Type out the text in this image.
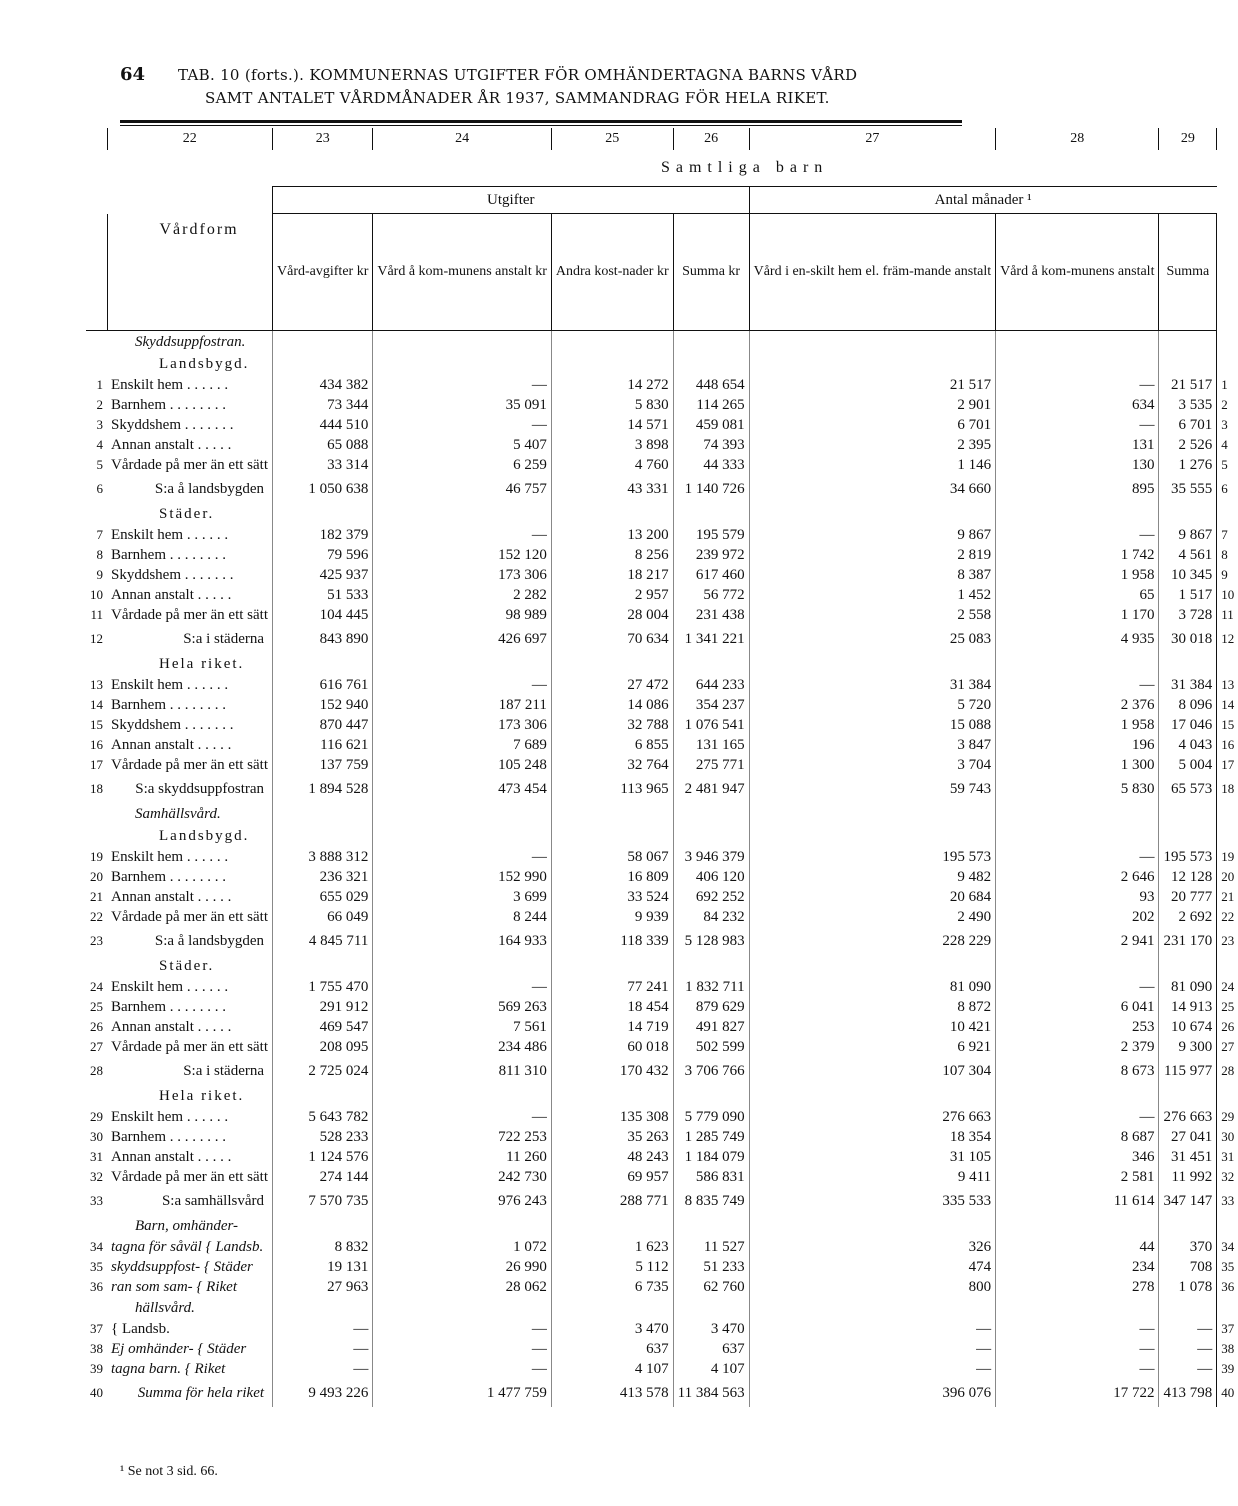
64 TAB. 10 (forts.). KOMMUNERNAS UTGIFTER FÖR OMHÄNDERTAGNA BARNS VÅRD
SAMT ANTALET VÅRDMÅNADER ÅR 1937, SAMMANDRAG FÖR HELA RIKET.
	22	23	24	25	26	27	28	29	
		Samtliga barn							
		Utgifter				Antal månader ¹			
	Vårdform	Vård-avgifter kr	Vård å kom-munens anstalt kr	Andra kost-nader kr	Summa kr	Vård i en-skilt hem el. främ-mande anstalt	Vård å kom-munens anstalt	Summa	
	Skyddsuppfostran.								
	Landsbygd.								
1	Enskilt hem . . . . . .	434 382	—	14 272	448 654	21 517	—	21 517	1
2	Barnhem . . . . . . . .	73 344	35 091	5 830	114 265	2 901	634	3 535	2
3	Skyddshem . . . . . . .	444 510	—	14 571	459 081	6 701	—	6 701	3
4	Annan anstalt . . . . .	65 088	5 407	3 898	74 393	2 395	131	2 526	4
5	Vårdade på mer än ett sätt	33 314	6 259	4 760	44 333	1 146	130	1 276	5
6	S:a å landsbygden	1 050 638	46 757	43 331	1 140 726	34 660	895	35 555	6
	Städer.								
7	Enskilt hem . . . . . .	182 379	—	13 200	195 579	9 867	—	9 867	7
8	Barnhem . . . . . . . .	79 596	152 120	8 256	239 972	2 819	1 742	4 561	8
9	Skyddshem . . . . . . .	425 937	173 306	18 217	617 460	8 387	1 958	10 345	9
10	Annan anstalt . . . . .	51 533	2 282	2 957	56 772	1 452	65	1 517	10
11	Vårdade på mer än ett sätt	104 445	98 989	28 004	231 438	2 558	1 170	3 728	11
12	S:a i städerna	843 890	426 697	70 634	1 341 221	25 083	4 935	30 018	12
	Hela riket.								
13	Enskilt hem . . . . . .	616 761	—	27 472	644 233	31 384	—	31 384	13
14	Barnhem . . . . . . . .	152 940	187 211	14 086	354 237	5 720	2 376	8 096	14
15	Skyddshem . . . . . . .	870 447	173 306	32 788	1 076 541	15 088	1 958	17 046	15
16	Annan anstalt . . . . .	116 621	7 689	6 855	131 165	3 847	196	4 043	16
17	Vårdade på mer än ett sätt	137 759	105 248	32 764	275 771	3 704	1 300	5 004	17
18	S:a skyddsuppfostran	1 894 528	473 454	113 965	2 481 947	59 743	5 830	65 573	18
	Samhällsvård.								
	Landsbygd.								
19	Enskilt hem . . . . . .	3 888 312	—	58 067	3 946 379	195 573	—	195 573	19
20	Barnhem . . . . . . . .	236 321	152 990	16 809	406 120	9 482	2 646	12 128	20
21	Annan anstalt . . . . .	655 029	3 699	33 524	692 252	20 684	93	20 777	21
22	Vårdade på mer än ett sätt	66 049	8 244	9 939	84 232	2 490	202	2 692	22
23	S:a å landsbygden	4 845 711	164 933	118 339	5 128 983	228 229	2 941	231 170	23
	Städer.								
24	Enskilt hem . . . . . .	1 755 470	—	77 241	1 832 711	81 090	—	81 090	24
25	Barnhem . . . . . . . .	291 912	569 263	18 454	879 629	8 872	6 041	14 913	25
26	Annan anstalt . . . . .	469 547	7 561	14 719	491 827	10 421	253	10 674	26
27	Vårdade på mer än ett sätt	208 095	234 486	60 018	502 599	6 921	2 379	9 300	27
28	S:a i städerna	2 725 024	811 310	170 432	3 706 766	107 304	8 673	115 977	28
	Hela riket.								
29	Enskilt hem . . . . . .	5 643 782	—	135 308	5 779 090	276 663	—	276 663	29
30	Barnhem . . . . . . . .	528 233	722 253	35 263	1 285 749	18 354	8 687	27 041	30
31	Annan anstalt . . . . .	1 124 576	11 260	48 243	1 184 079	31 105	346	31 451	31
32	Vårdade på mer än ett sätt	274 144	242 730	69 957	586 831	9 411	2 581	11 992	32
33	S:a samhällsvård	7 570 735	976 243	288 771	8 835 749	335 533	11 614	347 147	33
	Barn, omhänder-								
34	tagna för såväl { Landsb.	8 832	1 072	1 623	11 527	326	44	370	34
35	skyddsuppfost- { Städer	19 131	26 990	5 112	51 233	474	234	708	35
36	ran som sam- { Riket	27 963	28 062	6 735	62 760	800	278	1 078	36
	hällsvård.								
37	{ Landsb.	—	—	3 470	3 470	—	—	—	37
38	Ej omhänder- { Städer	—	—	637	637	—	—	—	38
39	tagna barn. { Riket	—	—	4 107	4 107	—	—	—	39
40	Summa för hela riket	9 493 226	1 477 759	413 578	11 384 563	396 076	17 722	413 798	40
¹ Se not 3 sid. 66.
